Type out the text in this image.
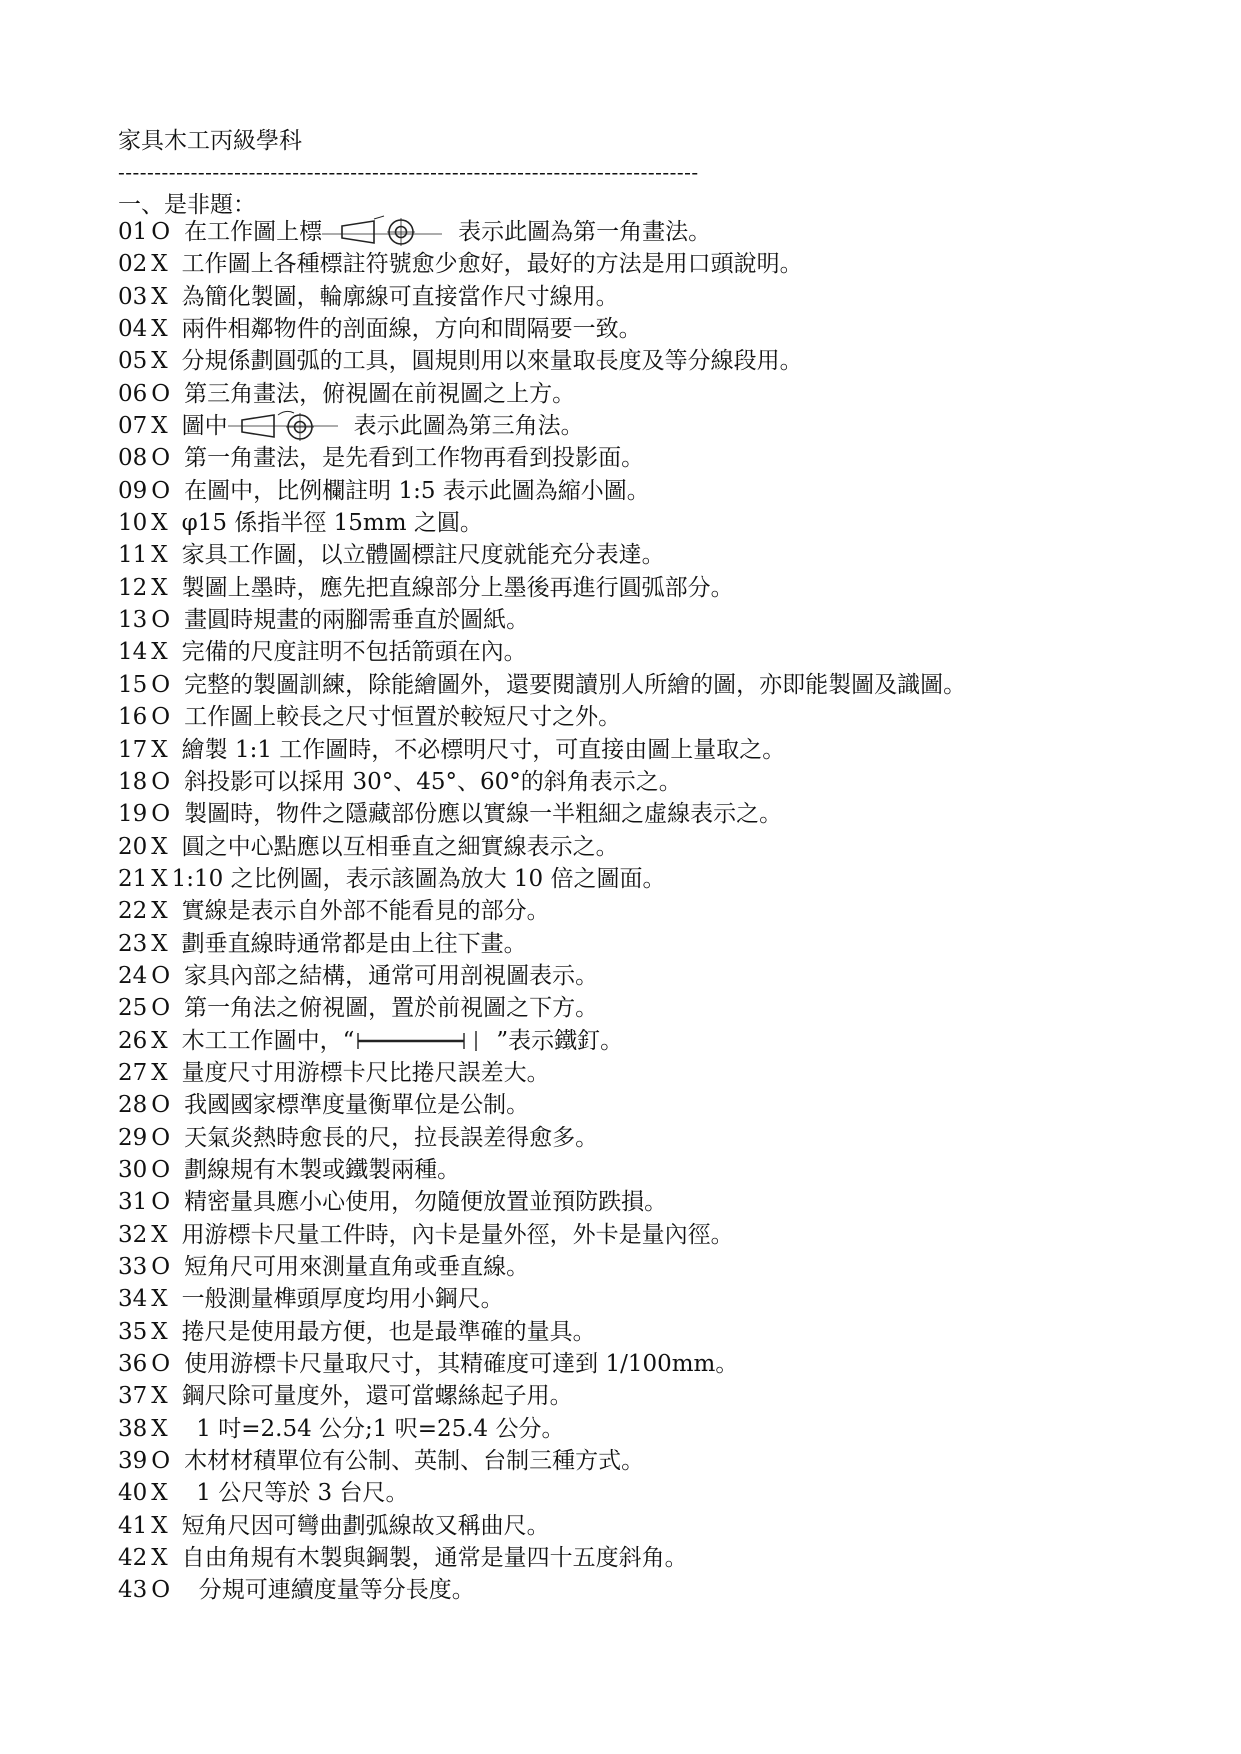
家具木工丙級學科
--------------------------------------------------------------------------------
一、是非題：
01 O 在工作圖上標	表示此圖為第一角畫法。
02 X 工作圖上各種標註符號愈少愈好，最好的方法是用口頭說明。
03 X 為簡化製圖，輪廓線可直接當作尺寸線用。
04 X 兩件相鄰物件的剖面線，方向和間隔要一致。
05 X 分規係劃圓弧的工具，圓規則用以來量取長度及等分線段用。
06 O 第三角畫法，俯視圖在前視圖之上方。
07 X 圖中	表示此圖為第三角法。
08 O 第一角畫法，是先看到工作物再看到投影面。
09 O 在圖中，比例欄註明 1:5 表示此圖為縮小圖。
10 X φ15 係指半徑 15mm 之圓。
11 X 家具工作圖，以立體圖標註尺度就能充分表達。
12 X 製圖上墨時，應先把直線部分上墨後再進行圓弧部分。
13 O 畫圓時規畫的兩腳需垂直於圖紙。
14 X 完備的尺度註明不包括箭頭在內。
15 O 完整的製圖訓練，除能繪圖外，還要閱讀別人所繪的圖，亦即能製圖及識圖。
16 O 工作圖上較長之尺寸恒置於較短尺寸之外。
17 X 繪製 1:1 工作圖時，不必標明尺寸，可直接由圖上量取之。
18 O 斜投影可以採用 30°、45°、60°的斜角表示之。
19 O 製圖時，物件之隱藏部份應以實線一半粗細之虛線表示之。
20 X 圓之中心點應以互相垂直之細實線表示之。
21 X 1:10 之比例圖，表示該圖為放大 10 倍之圖面。
22 X 實線是表示自外部不能看見的部分。
23 X 劃垂直線時通常都是由上往下畫。
24 O 家具內部之結構，通常可用剖視圖表示。
25 O 第一角法之俯視圖，置於前視圖之下方。
26 X 木工工作圖中，“	”表示鐵釘。
27 X 量度尺寸用游標卡尺比捲尺誤差大。
28 O 我國國家標準度量衡單位是公制。
29 O 天氣炎熱時愈長的尺，拉長誤差得愈多。
30 O 劃線規有木製或鐵製兩種。
31 O 精密量具應小心使用，勿隨便放置並預防跌損。
32 X 用游標卡尺量工件時，內卡是量外徑，外卡是量內徑。
33 O 短角尺可用來測量直角或垂直線。
34 X 一般測量榫頭厚度均用小鋼尺。
35 X 捲尺是使用最方便，也是最準確的量具。
36 O 使用游標卡尺量取尺寸，其精確度可達到 1/100mm。
37 X 鋼尺除可量度外，還可當螺絲起子用。
38 X 1 吋=2.54 公分;1 呎=25.4 公分。
39 O 木材材積單位有公制、英制、台制三種方式。
40 X 1 公尺等於 3 台尺。
41 X 短角尺因可彎曲劃弧線故又稱曲尺。
42 X 自由角規有木製與鋼製，通常是量四十五度斜角。
43 O 分規可連續度量等分長度。
